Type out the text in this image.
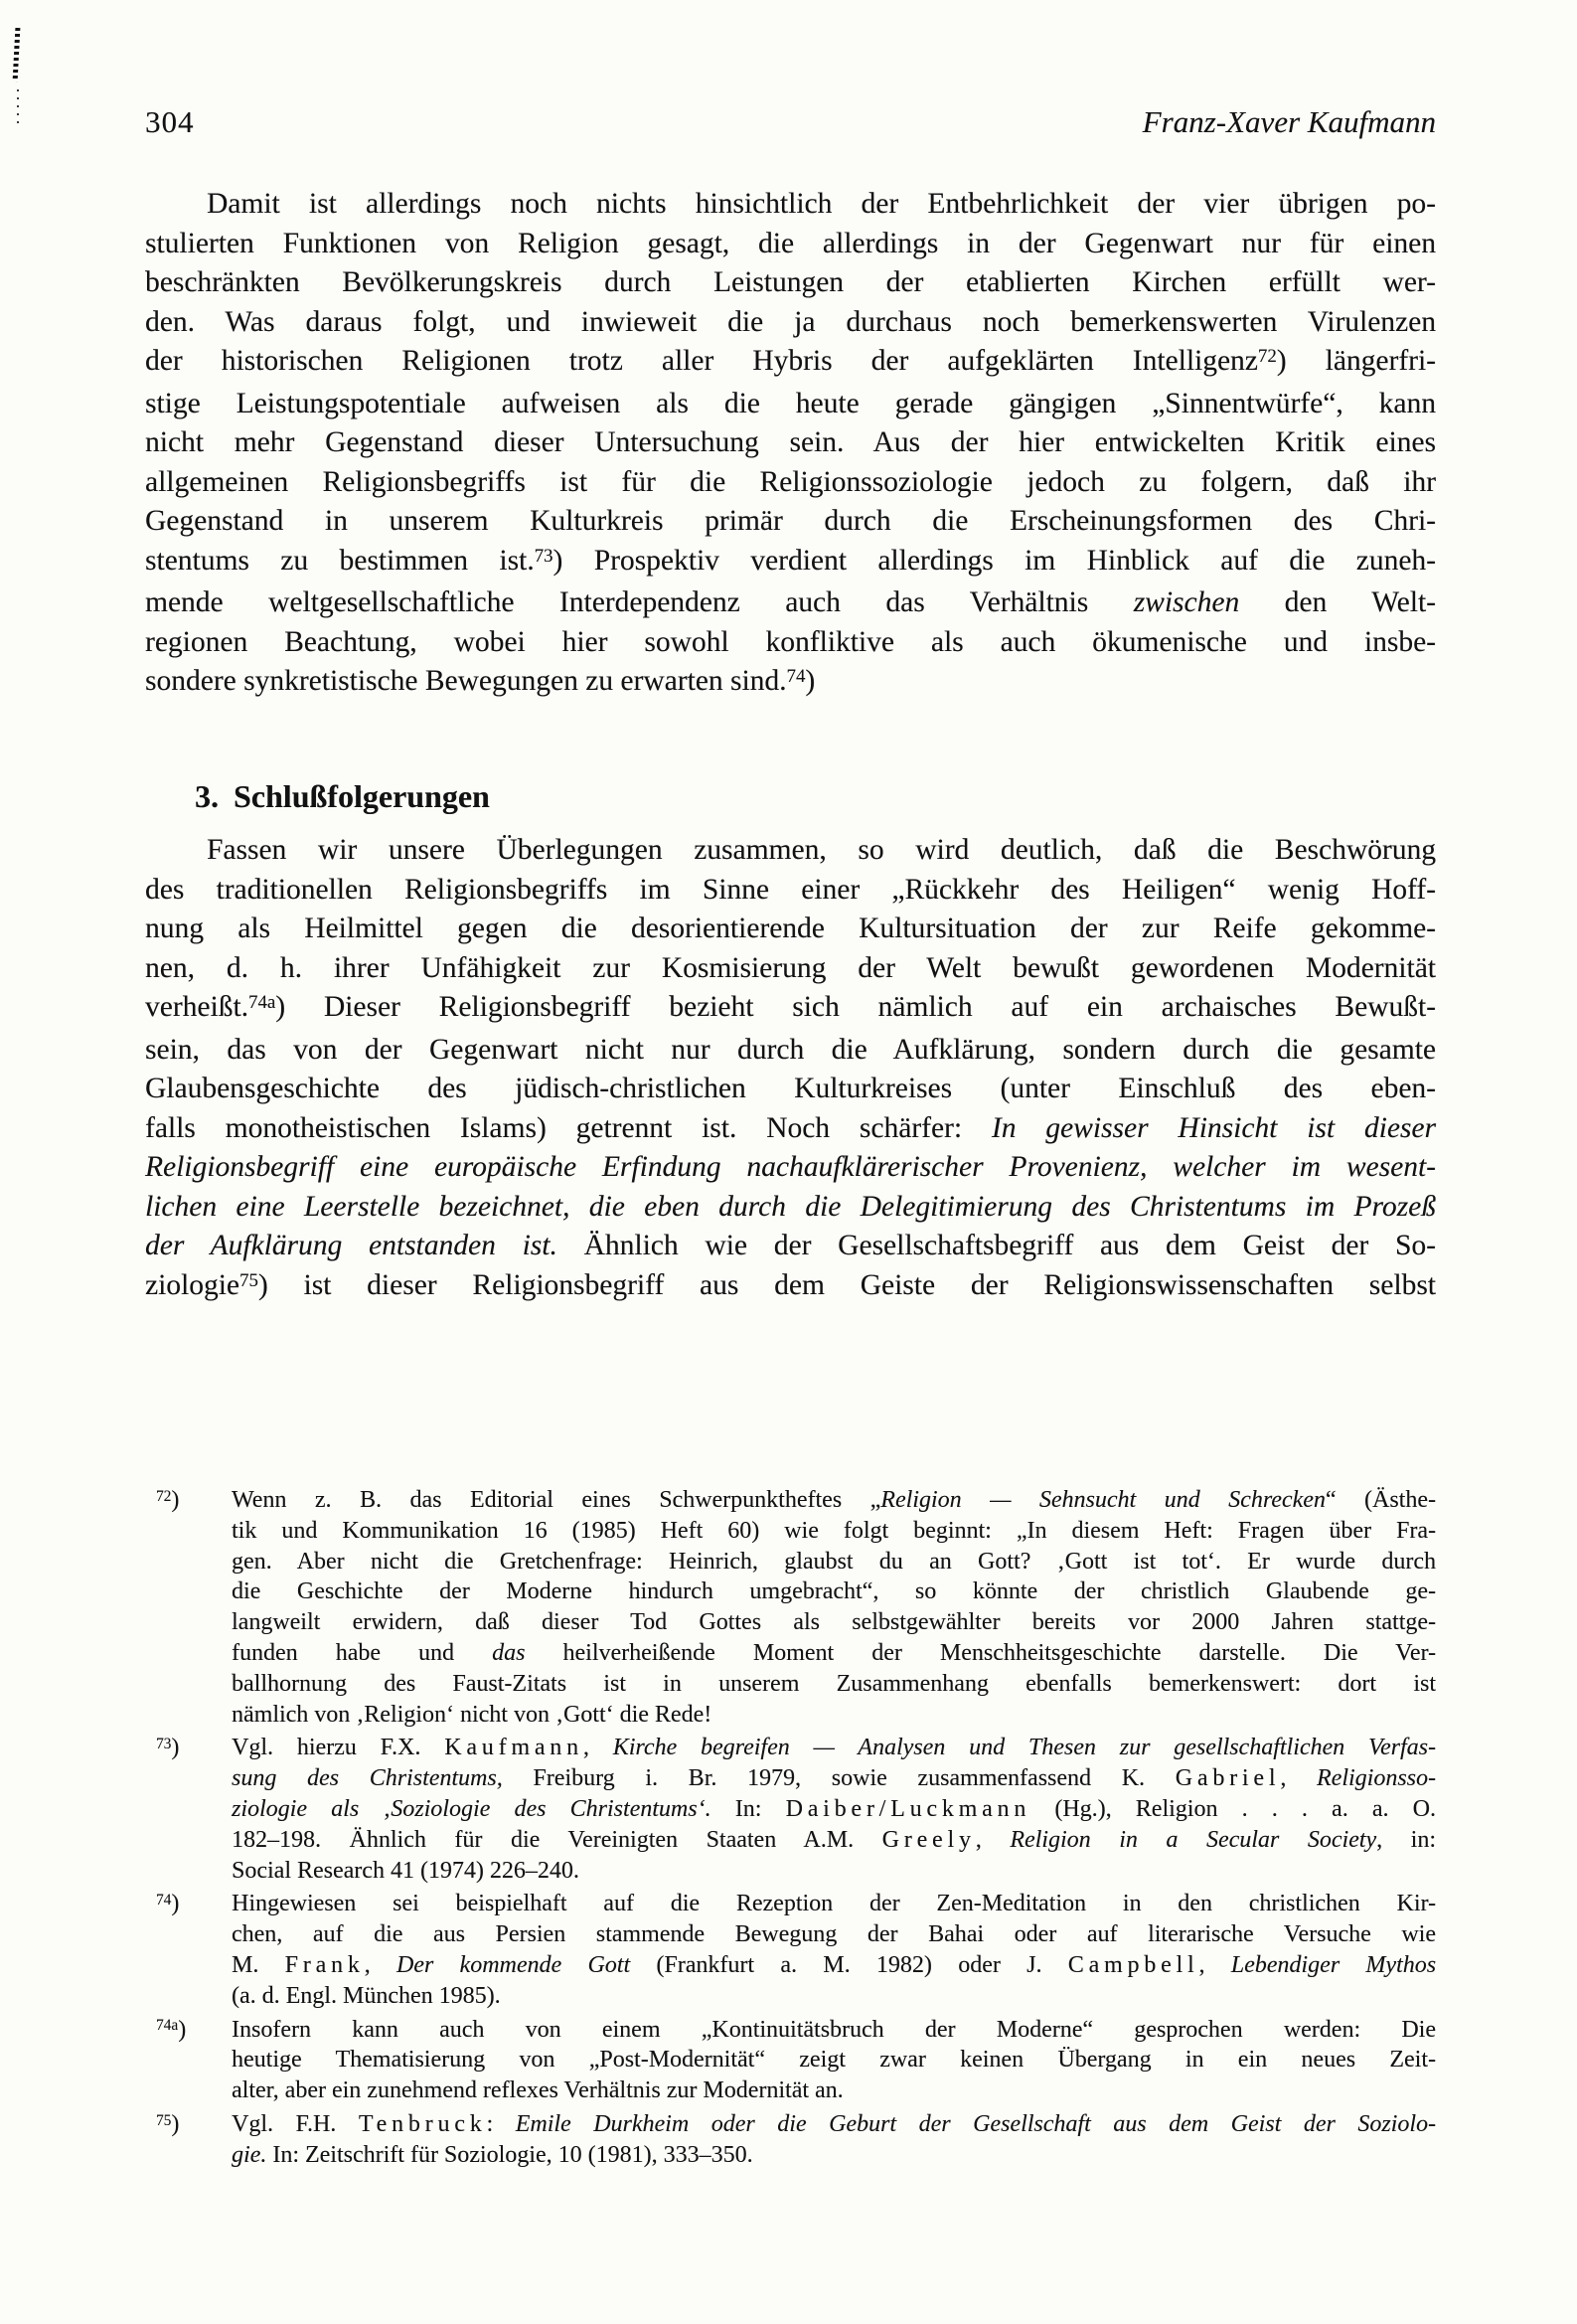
304	Franz-Xaver Kaufmann
Damit ist allerdings noch nichts hinsichtlich der Entbehrlichkeit der vier übrigen po-
stulierten Funktionen von Religion gesagt, die allerdings in der Gegenwart nur für einen
beschränkten Bevölkerungskreis durch Leistungen der etablierten Kirchen erfüllt wer-
den. Was daraus folgt, und inwieweit die ja durchaus noch bemerkenswerten Virulenzen
der historischen Religionen trotz aller Hybris der aufgeklärten Intelligenz$^{72}$) längerfri-
stige Leistungspotentiale aufweisen als die heute gerade gängigen „Sinnentwürfe“, kann
nicht mehr Gegenstand dieser Untersuchung sein. Aus der hier entwickelten Kritik eines
allgemeinen Religionsbegriffs ist für die Religionssoziologie jedoch zu folgern, daß ihr
Gegenstand in unserem Kulturkreis primär durch die Erscheinungsformen des Chri-
stentums zu bestimmen ist.$^{73}$) Prospektiv verdient allerdings im Hinblick auf die zuneh-
mende weltgesellschaftliche Interdependenz auch das Verhältnis zwischen den Welt-
regionen Beachtung, wobei hier sowohl konfliktive als auch ökumenische und insbe-
sondere synkretistische Bewegungen zu erwarten sind.$^{74}$)
3. Schlußfolgerungen
Fassen wir unsere Überlegungen zusammen, so wird deutlich, daß die Beschwörung
des traditionellen Religionsbegriffs im Sinne einer „Rückkehr des Heiligen“ wenig Hoff-
nung als Heilmittel gegen die desorientierende Kultursituation der zur Reife gekomme-
nen, d. h. ihrer Unfähigkeit zur Kosmisierung der Welt bewußt gewordenen Modernität
verheißt.$^{74a}$) Dieser Religionsbegriff bezieht sich nämlich auf ein archaisches Bewußt-
sein, das von der Gegenwart nicht nur durch die Aufklärung, sondern durch die gesamte
Glaubensgeschichte des jüdisch-christlichen Kulturkreises (unter Einschluß des eben-
falls monotheistischen Islams) getrennt ist. Noch schärfer: In gewisser Hinsicht ist dieser
Religionsbegriff eine europäische Erfindung nachaufklärerischer Provenienz, welcher im wesent-
lichen eine Leerstelle bezeichnet, die eben durch die Delegitimierung des Christentums im Prozeß
der Aufklärung entstanden ist. Ähnlich wie der Gesellschaftsbegriff aus dem Geist der So-
ziologie$^{75}$) ist dieser Religionsbegriff aus dem Geiste der Religionswissenschaften selbst
$^{72}$) Wenn z. B. das Editorial eines Schwerpunktheftes „Religion — Sehnsucht und Schrecken“ (Ästhe-
tik und Kommunikation 16 (1985) Heft 60) wie folgt beginnt: „In diesem Heft: Fragen über Fra-
gen. Aber nicht die Gretchenfrage: Heinrich, glaubst du an Gott? ‚Gott ist tot‘. Er wurde durch
die Geschichte der Moderne hindurch umgebracht“, so könnte der christlich Glaubende ge-
langweilt erwidern, daß dieser Tod Gottes als selbstgewählter bereits vor 2000 Jahren stattge-
funden habe und das heilverheißende Moment der Menschheitsgeschichte darstelle. Die Ver-
ballhornung des Faust-Zitats ist in unserem Zusammenhang ebenfalls bemerkenswert: dort ist
nämlich von ‚Religion‘ nicht von ‚Gott‘ die Rede!
$^{73}$) Vgl. hierzu F.X. Kaufmann, Kirche begreifen — Analysen und Thesen zur gesellschaftlichen Verfas-
sung des Christentums, Freiburg i. Br. 1979, sowie zusammenfassend K. Gabriel, Religionsso-
ziologie als ‚Soziologie des Christentums‘. In: Daiber/Luckmann (Hg.), Religion . . . a. a. O.
182–198. Ähnlich für die Vereinigten Staaten A.M. Greely, Religion in a Secular Society, in:
Social Research 41 (1974) 226–240.
$^{74}$) Hingewiesen sei beispielhaft auf die Rezeption der Zen-Meditation in den christlichen Kir-
chen, auf die aus Persien stammende Bewegung der Bahai oder auf literarische Versuche wie
M. Frank, Der kommende Gott (Frankfurt a. M. 1982) oder J. Campbell, Lebendiger Mythos
(a. d. Engl. München 1985).
$^{74a}$) Insofern kann auch von einem „Kontinuitätsbruch der Moderne“ gesprochen werden: Die
heutige Thematisierung von „Post-Modernität“ zeigt zwar keinen Übergang in ein neues Zeit-
alter, aber ein zunehmend reflexes Verhältnis zur Modernität an.
$^{75}$) Vgl. F.H. Tenbruck: Emile Durkheim oder die Geburt der Gesellschaft aus dem Geist der Soziolo-
gie. In: Zeitschrift für Soziologie, 10 (1981), 333–350.
